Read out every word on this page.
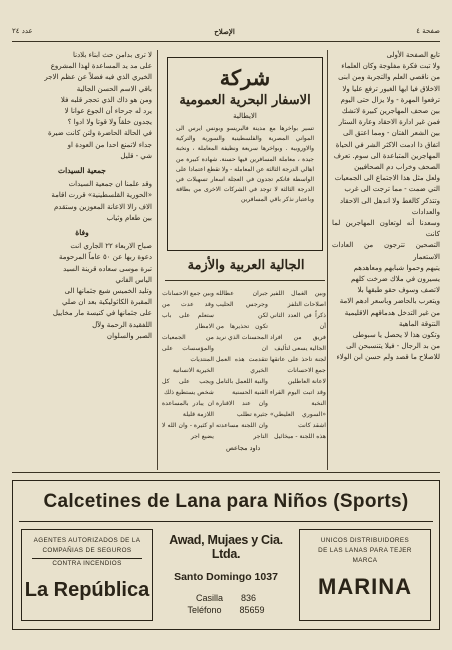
صفحة ٤
الإصلاح
عدد ٢٤

تابع الصفحة الأولى

ولا تبت فكرة مفلوجة وكان العلماء

من ناقصي العلم والتجربة ومن ابنى

الاخلاق فيا ايها الغيور ترفع عليا ولا

ترفعوا المهرة - ولا يزال حتى اليوم

بين صحف المهاجرين كبيرة لاتشك

فمن غير ادارة الاحقاد وعارة الستار

بين الشعر الفتان - ومما اعتق الى

اتفاق ذا ادمت الاكثر الشر في الحياة

المهاجرين المتباعدة الى سوم. تعرف

الصحف وخراب دم الصحافيين

ولعل مثل هذا الاجتماع الى الجمعيات

التي ضمت - مما ترجت الى غرب

وتتذكر كالغط ولا اندهل الى الاحقاد

والعدادات

وسعدنا أنه لوتعاون المهاجرين لما كانت

التصحين تترجون من العادات الاستعمار

يتيهم وحموا شبابهم ومعاهدهم

يسيرون في ملاك ضرخت كلهم

لاتصف وسوف حقو طبقها بلا

ويتعرب بالحاضر وباسعر ادهم الامة

من غير التدخل هدماقهم الاقليمية

النتوقة الماهية

وتكون هذا لا يحصل يا سبوطى

من بد الرجال - فيلا يتنسبحن الى

للاصلاح ما قصد ولم حسن ابن الولاء

لا ترى بدامن حث ابناء بلادنا

على مد يد المساعدة لهذا المشروع

الخيري الذي فيه فضلاً عن عظم الاجر

باقي الاسم الحسن الجالية

ومن هو ذاك الذي تحجر قلبه فلا

يرد له جرحاء أن الجوع عوانا لا

يجدون خلقاً ولا قوتا ولا ادوا ؟

في الحالة الحاضرة ولتن كانت ضيرة

جداء لاتمنع احدا من العودة او

شي - قليل

جمعية السيدات

وقد علمنا ان جمعية السيدات

«الحورية القلسطينية» قررت اقامة

الاف رالا الاعانة المعوزين وستقدم

بين طعام وثياب

وفاة

صباح الاربعاء ٢٢ الجاري انت

دعوة ربها عن ٥٠ عاماً المرحومة

تبرة موسى سعاده قرينة السيد

الياس الفاني

وتليد الخميس شيع جثمانها الى

المقبرة الكاثوليكية بعد ان صلي

على جثمانها في كنيسة مار مخاييل

اللفقيدة الرحمة ولآل

الصبر والسلوان

شركة
الاسفار البحرية العمومية
الايطالية
تسير بواخرها مع مدينة فالبريسو وبونس ايرس الى المواني المصرية والفلسطينية والسورية والتركية والاوروبية . وبواخرها سريعة ونظيفة المعاملة ، ونخبة جيدة ، معاملة المسافرين فيها حسنة. شهادة كبيرة من اهالي الدرجة الثالثة عن المعاملة - ولا تقطع اعتمادا على الواسطة فانكم تجدون في العجلة اسعار تسهيلات في الدرجة الثالثة لا توجد في الشركات الاخرى من بطاقة وباعتبار نذكر باقي المسافرين
الجالية العربية والأزمة

وبين الغمال اللفير اصلاحات التلفز

ذكراً في العدد الثاني أن

فريق من افراد الجالية يسعى لتأليف

لجنة تاحذ على عاتقها جمع الاحسانات

لاعانة العاطلين

وقد اتبت اليوم القراء النخبة

«السوري العليطي» اشقد كانت

هذه اللجنة - ميخائيل

جبران عطالله وجرجس الحليب لكن

تكون تحذيرها من المحسنات الذي نريد ان

تتقدمت هذه العمل الخيري

والنية اللعمل بالتامل القنية الحسنية

وان عند الاقنارة جثيرة تطلب

وان اللجنة مساعدته التاجر

وبين جمع الاحسانات

وقد عدت من ستعلم على باب الامطار

من الجمعيات والمؤسسات على المنتديات

الخيرية الانسانية

ويجب على كل شخص يستطيع ذلك

ان يبادر بالمساعدة اللازمة قليلة

او كثيرة - وان الله لا يضيع اجر

داود مجاعص
Calcetines de Lana para Niños (Sports)
AGENTES AUTORIZADOS DE LA
COMPAÑIAS DE SEGUROS
CONTRA INCENDIOS
La República
Awad, Mujaes y Cia. Ltda.
Santo Domingo 1037
Casilla 836
Teléfono 85659
UNICOS DISTRIBUIDORES
DE LAS LANAS PARA TEJER
MARCA
MARINA
